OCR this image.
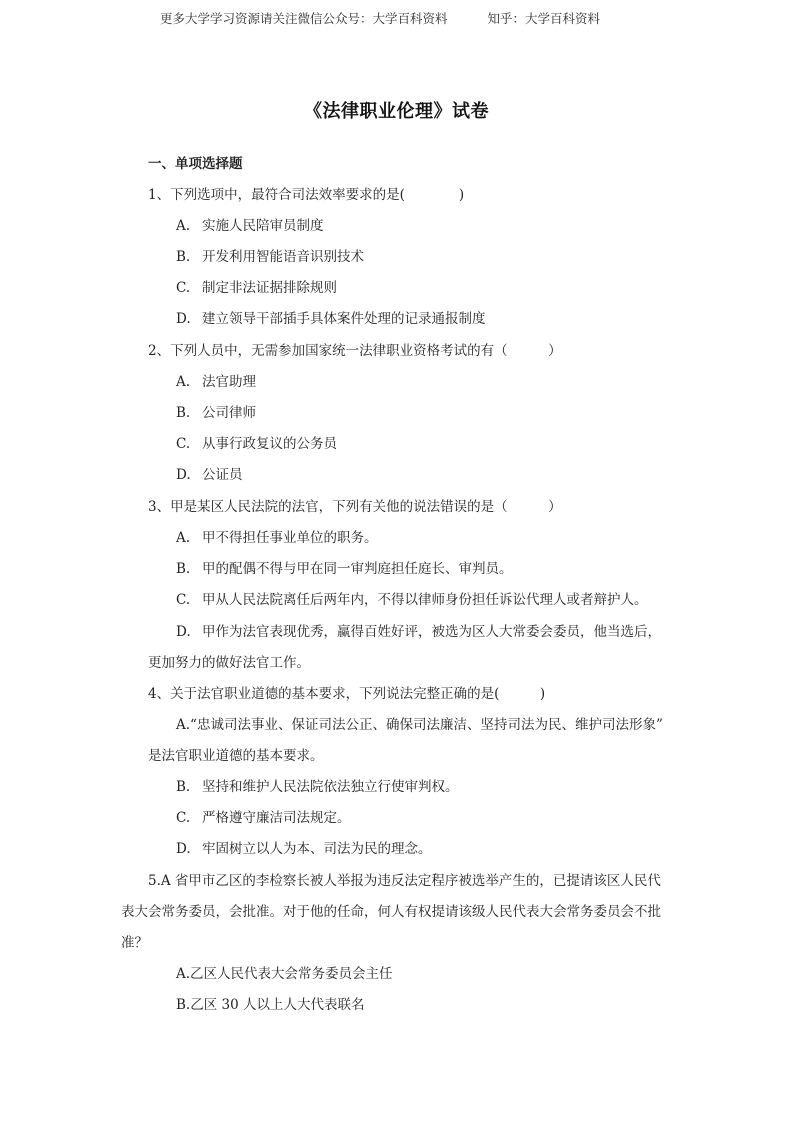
更多大学学习资源请关注微信公众号：大学百科资料	知乎：大学百科资料
《法律职业伦理》试卷
一、单项选择题
1、下列选项中，最符合司法效率要求的是(　　　　)
A. 实施人民陪审员制度
B. 开发利用智能语音识别技术
C. 制定非法证据排除规则
D. 建立领导干部插手具体案件处理的记录通报制度
2、下列人员中，无需参加国家统一法律职业资格考试的有（　　　）
A. 法官助理
B. 公司律师
C. 从事行政复议的公务员
D. 公证员
3、甲是某区人民法院的法官，下列有关他的说法错误的是（　　　）
A. 甲不得担任事业单位的职务。
B. 甲的配偶不得与甲在同一审判庭担任庭长、审判员。
C. 甲从人民法院离任后两年内，不得以律师身份担任诉讼代理人或者辩护人。
D. 甲作为法官表现优秀，赢得百姓好评，被选为区人大常委会委员，他当选后，
更加努力的做好法官工作。
4、关于法官职业道德的基本要求，下列说法完整正确的是(　　　)
A.“忠诚司法事业、保证司法公正、确保司法廉洁、坚持司法为民、维护司法形象”
是法官职业道德的基本要求。
B. 坚持和维护人民法院依法独立行使审判权。
C. 严格遵守廉洁司法规定。
D. 牢固树立以人为本、司法为民的理念。
5.A 省甲市乙区的李检察长被人举报为违反法定程序被选举产生的，已提请该区人民代
表大会常务委员，会批准。对于他的任命，何人有权提请该级人民代表大会常务委员会不批
准？
A.乙区人民代表大会常务委员会主任
B.乙区 30 人以上人大代表联名
